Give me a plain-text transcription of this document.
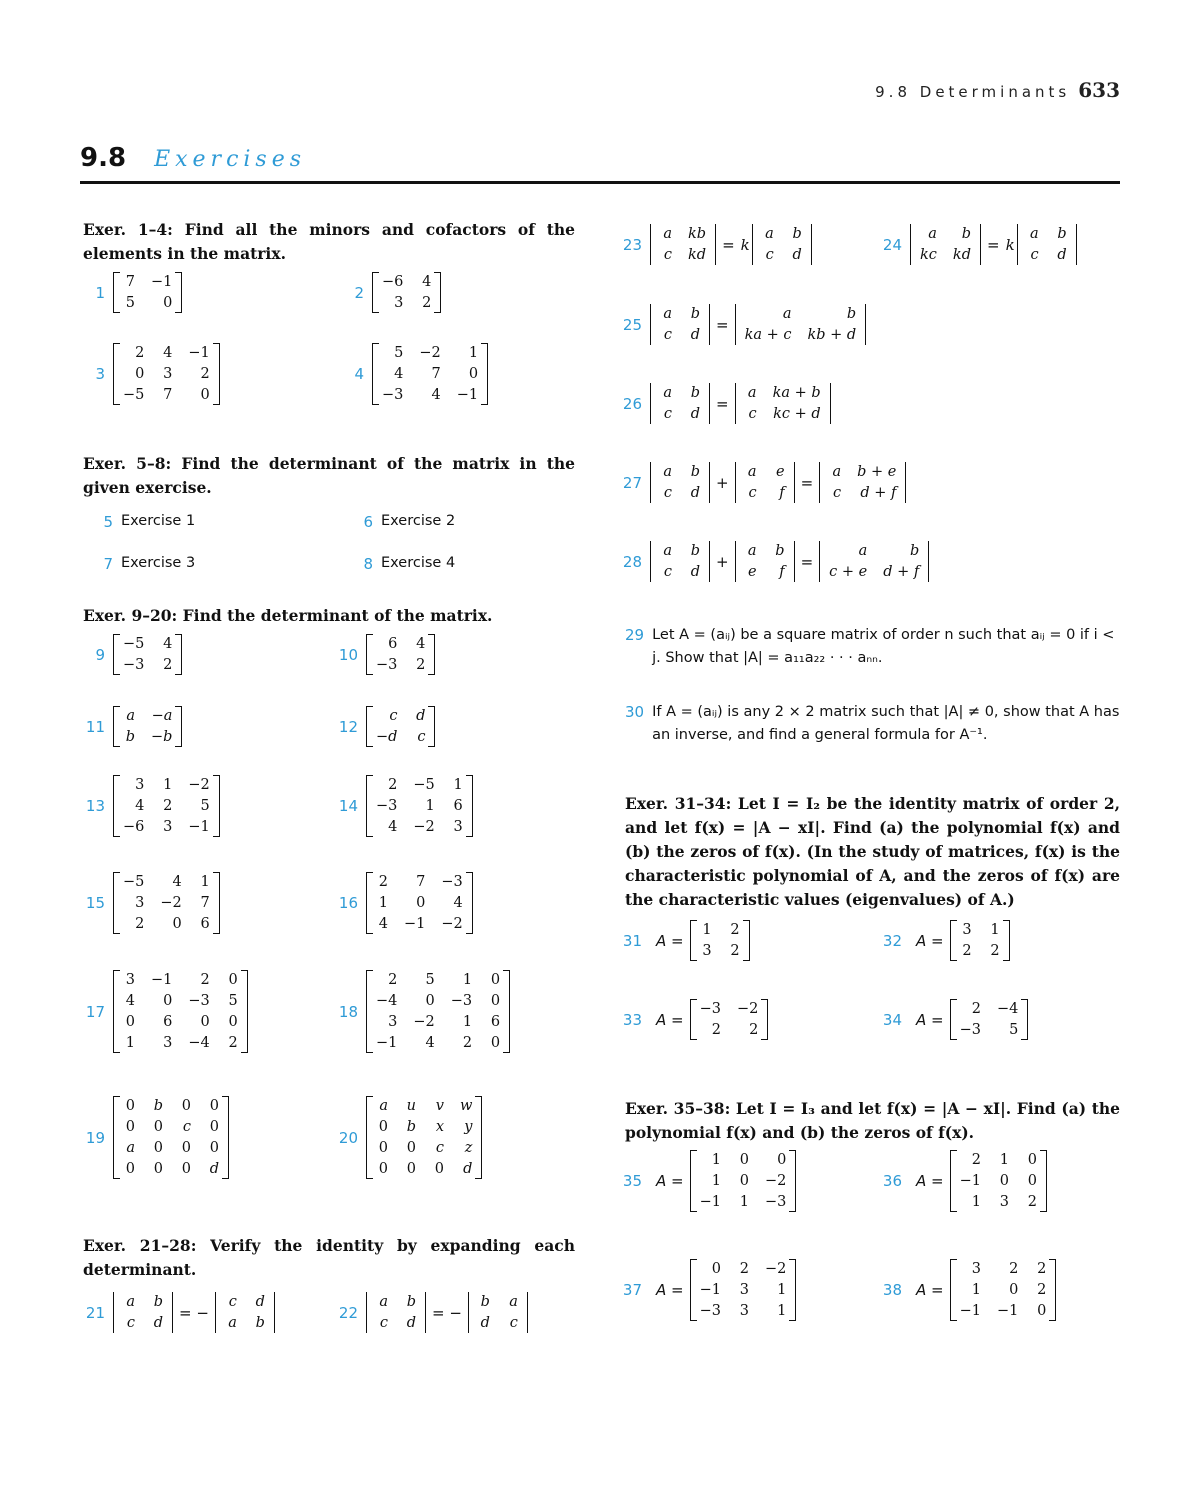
9.8 Determinants 633
9.8 Exercises
Exer. 1–4: Find all the minors and cofactors of the elements in the matrix.
1
7 −1
5	0
2
−6 4
3 2
3
2 4 −1
0 3	2
−5 7	0
4
5 −2	1
4	7	0
−3	4 −1
Exer. 5–8: Find the determinant of the matrix in the given exercise.
5 Exercise 1	6 Exercise 2
7 Exercise 3	8 Exercise 4
Exer. 9–20: Find the determinant of the matrix.
9
−5 4
−3 2
10
6 4
−3 2
11
a −a
b −b
12
c d
−d c
13
3 1 −2
4 2	5
−6 3 −1
14
2 −5 1
−3	1 6
4 −2 3
15
−5	4 1
3 −2 7
2	0 6
16
2	7 −3
1	0	4
4 −1 −2
17
3 −1	2 0
4	0 −3 5
0	6	0 0
1	3 −4 2
18
2	5	1 0
−4	0 −3 0
3 −2	1 6
−1	4	2 0
19
0 b 0 0
0 0 c 0
a 0 0 0
0 0 0 d
20
a u v w
0 b x y
0 0 c	z
0 0 0 d
Exer. 21–28: Verify the identity by expanding each determinant.
21
a b
c d
= −
c d
a b
22
a b
c d
= −
b a
d c
23
a kb
c kd
= k
a b
c d
24
a	b
kc kd
= k
a b
c d
25
a b
c d
=
a	b
ka + c kb + d
26
a b
c d
=
a ka + b
c kc + d
27
a b
c d
+
a e
c	f
=
a b + e
c d + f
28
a b
c d
+
a b
e	f
=
a	b
c + e d + f
29 Let A = (aᵢⱼ) be a square matrix of order n such that aᵢⱼ = 0 if i < j. Show that |A| = a₁₁a₂₂ · · · aₙₙ.
30 If A = (aᵢⱼ) is any 2 × 2 matrix such that |A| ≠ 0, show that A has an inverse, and find a general formula for A⁻¹.
Exer. 31–34: Let I = I₂ be the identity matrix of order 2, and let f(x) = |A − xI|. Find (a) the polynomial f(x) and (b) the zeros of f(x). (In the study of matrices, f(x) is the characteristic polynomial of A, and the zeros of f(x) are the characteristic values (eigenvalues) of A.)
31 A =
1 2
3 2
32 A =
3 1
2 2
33 A =
−3 −2
2	2
34 A =
2 −4
−3	5
Exer. 35–38: Let I = I₃ and let f(x) = |A − xI|. Find (a) the polynomial f(x) and (b) the zeros of f(x).
35 A =
1 0	0
1 0 −2
−1 1 −3
36 A =
2 1 0
−1 0 0
1 3 2
37 A =
0 2 −2
−1 3	1
−3 3	1
38 A =
3	2 2
1	0 2
−1 −1 0
